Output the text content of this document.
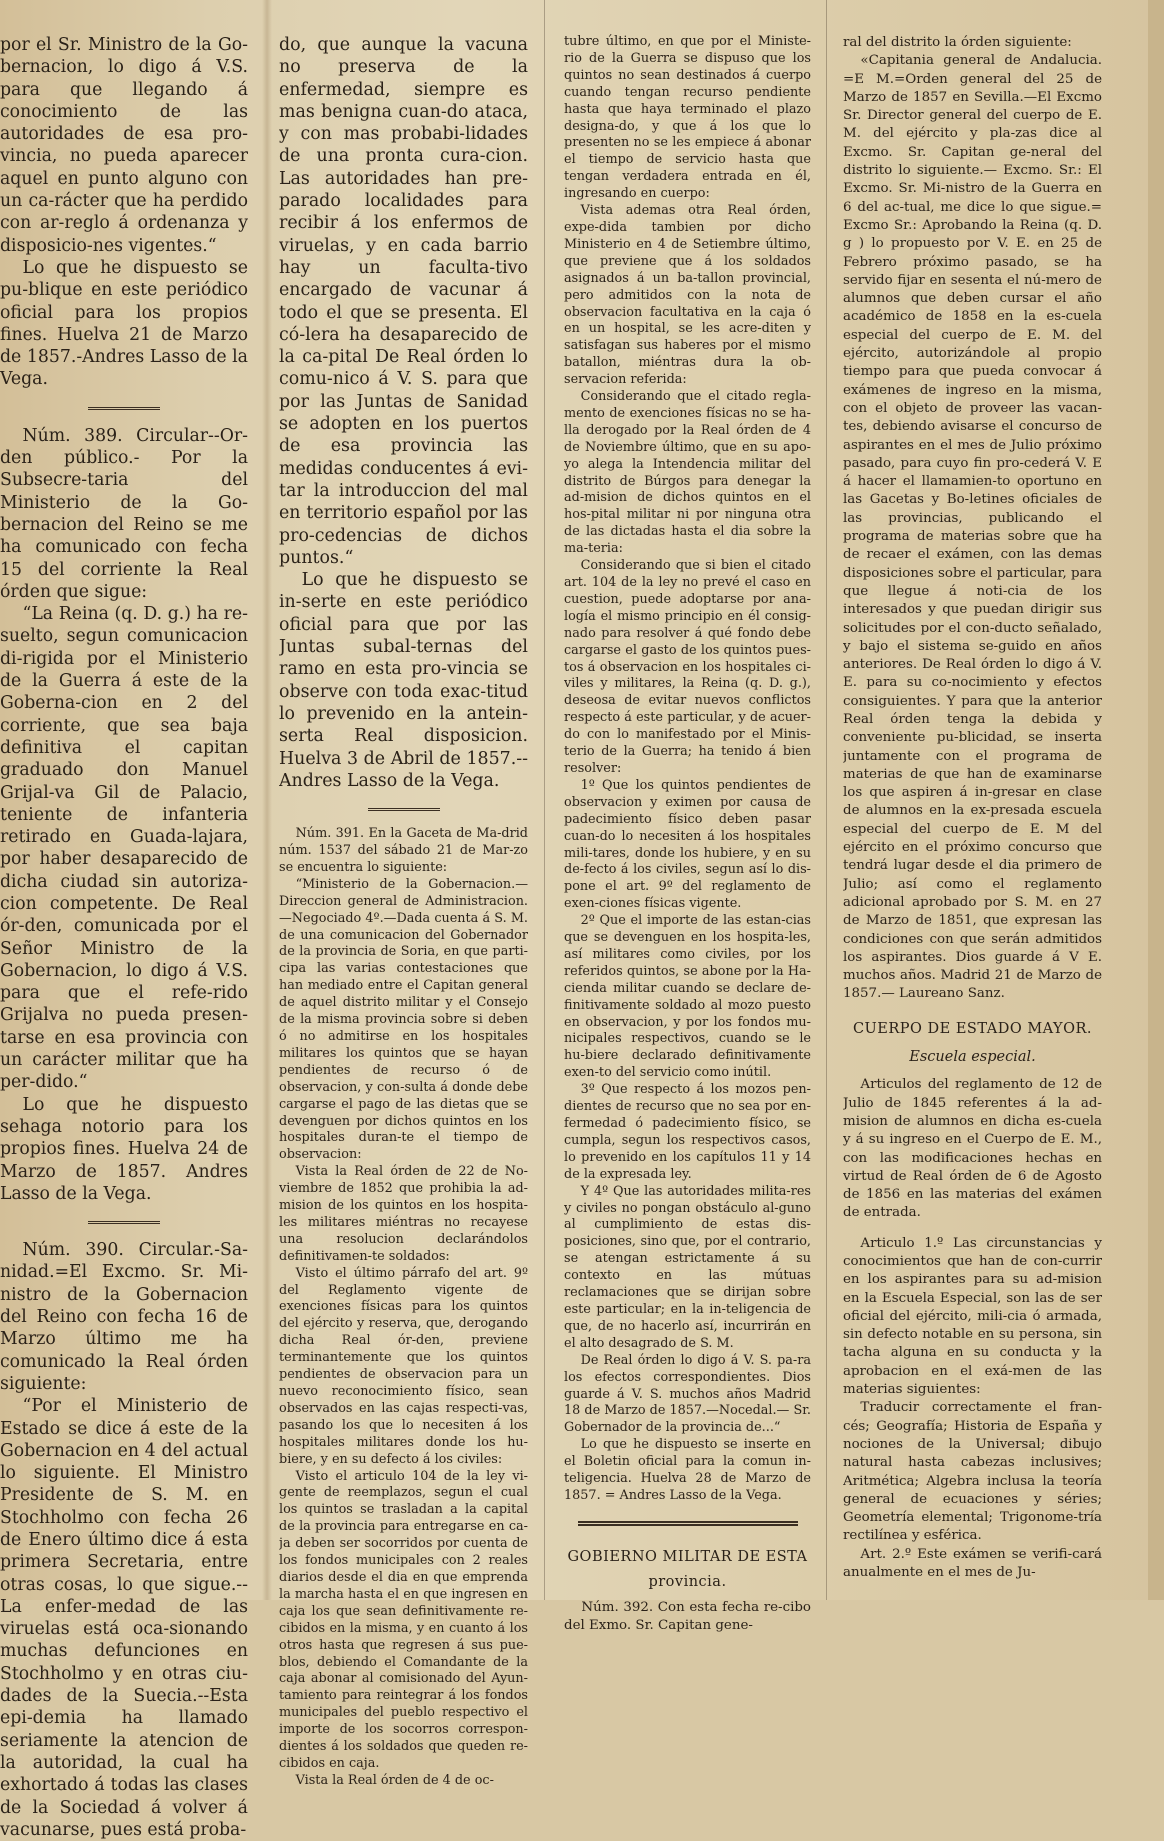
por el Sr. Ministro de la Go-bernacion, lo digo á V.S. para que llegando á conocimiento de las autoridades de esa pro-vincia, no pueda aparecer aquel en punto alguno con un ca-rácter que ha perdido con ar-reglo á ordenanza y disposicio-nes vigentes.“

Lo que he dispuesto se pu-blique en este periódico oficial para los propios fines. Huelva 21 de Marzo de 1857.-Andres Lasso de la Vega.

Núm. 389. Circular--Or-den público.- Por la Subsecre-taria del Ministerio de la Go-bernacion del Reino se me ha comunicado con fecha 15 del corriente la Real órden que sigue:

“La Reina (q. D. g.) ha re-suelto, segun comunicacion di-rigida por el Ministerio de la Guerra á este de la Goberna-cion en 2 del corriente, que sea baja definitiva el capitan graduado don Manuel Grijal-va Gil de Palacio, teniente de infanteria retirado en Guada-lajara, por haber desaparecido de dicha ciudad sin autoriza-cion competente. De Real ór-den, comunicada por el Señor Ministro de la Gobernacion, lo digo á V.S. para que el refe-rido Grijalva no pueda presen-tarse en esa provincia con un carácter militar que ha per-dido.“

Lo que he dispuesto sehaga notorio para los propios fines. Huelva 24 de Marzo de 1857. Andres Lasso de la Vega.

Núm. 390. Circular.-Sa-nidad.=El Excmo. Sr. Mi-nistro de la Gobernacion del Reino con fecha 16 de Marzo último me ha comunicado la Real órden siguiente:

“Por el Ministerio de Estado se dice á este de la Gobernacion en 4 del actual lo siguiente. El Ministro Presidente de S. M. en Stochholmo con fecha 26 de Enero último dice á esta primera Secretaria, entre otras cosas, lo que sigue.--La enfer-medad de las viruelas está oca-sionando muchas defunciones en Stochholmo y en otras ciu-dades de la Suecia.--Esta epi-demia ha llamado seriamente la atencion de la autoridad, la cual ha exhortado á todas las clases de la Sociedad á volver á vacunarse, pues está proba-

do, que aunque la vacuna no preserva de la enfermedad, siempre es mas benigna cuan-do ataca, y con mas probabi-lidades de una pronta cura-cion. Las autoridades han pre-parado localidades para recibir á los enfermos de viruelas, y en cada barrio hay un faculta-tivo encargado de vacunar á todo el que se presenta. El có-lera ha desaparecido de la ca-pital De Real órden lo comu-nico á V. S. para que por las Juntas de Sanidad se adopten en los puertos de esa provincia las medidas conducentes á evi-tar la introduccion del mal en territorio español por las pro-cedencias de dichos puntos.“

Lo que he dispuesto se in-serte en este periódico oficial para que por las Juntas subal-ternas del ramo en esta pro-vincia se observe con toda exac-titud lo prevenido en la antein-serta Real disposicion. Huelva 3 de Abril de 1857.--Andres Lasso de la Vega.

Núm. 391. En la Gaceta de Ma-drid núm. 1537 del sábado 21 de Mar-zo se encuentra lo siguiente:

“Ministerio de la Gobernacion.— Direccion general de Administracion. —Negociado 4º.—Dada cuenta á S. M. de una comunicacion del Gobernador de la provincia de Soria, en que parti-cipa las varias contestaciones que han mediado entre el Capitan general de aquel distrito militar y el Consejo de la misma provincia sobre si deben ó no admitirse en los hospitales militares los quintos que se hayan pendientes de recurso ó de observacion, y con-sulta á donde debe cargarse el pago de las dietas que se devenguen por dichos quintos en los hospitales duran-te el tiempo de observacion:

Vista la Real órden de 22 de No-viembre de 1852 que prohibia la ad-mision de los quintos en los hospita-les militares miéntras no recayese una resolucion declarándolos definitivamen-te soldados:

Visto el último párrafo del art. 9º del Reglamento vigente de exenciones físicas para los quintos del ejército y reserva, que, derogando dicha Real ór-den, previene terminantemente que los quintos pendientes de observacion para un nuevo reconocimiento físico, sean observados en las cajas respecti-vas, pasando los que lo necesiten á los hospitales militares donde los hu-biere, y en su defecto á los civiles:

Visto el articulo 104 de la ley vi-gente de reemplazos, segun el cual los quintos se trasladan a la capital de la provincia para entregarse en ca-ja deben ser socorridos por cuenta de los fondos municipales con 2 reales diarios desde el dia en que emprenda la marcha hasta el en que ingresen en caja los que sean definitivamente re-cibidos en la misma, y en cuanto á los otros hasta que regresen á sus pue-blos, debiendo el Comandante de la caja abonar al comisionado del Ayun-tamiento para reintegrar á los fondos municipales del pueblo respectivo el importe de los socorros correspon-dientes á los soldados que queden re-cibidos en caja.

Vista la Real órden de 4 de oc-

tubre último, en que por el Ministe-rio de la Guerra se dispuso que los quintos no sean destinados á cuerpo cuando tengan recurso pendiente hasta que haya terminado el plazo designa-do, y que á los que lo presenten no se les empiece á abonar el tiempo de servicio hasta que tengan verdadera entrada en él, ingresando en cuerpo:

Vista ademas otra Real órden, expe-dida tambien por dicho Ministerio en 4 de Setiembre último, que previene que á los soldados asignados á un ba-tallon provincial, pero admitidos con la nota de observacion facultativa en la caja ó en un hospital, se les acre-diten y satisfagan sus haberes por el mismo batallon, miéntras dura la ob-servacion referida:

Considerando que el citado regla-mento de exenciones físicas no se ha-lla derogado por la Real órden de 4 de Noviembre último, que en su apo-yo alega la Intendencia militar del distrito de Búrgos para denegar la ad-mision de dichos quintos en el hos-pital militar ni por ninguna otra de las dictadas hasta el dia sobre la ma-teria:

Considerando que si bien el citado art. 104 de la ley no prevé el caso en cuestion, puede adoptarse por ana-logía el mismo principio en él consig-nado para resolver á qué fondo debe cargarse el gasto de los quintos pues-tos á observacion en los hospitales ci-viles y militares, la Reina (q. D. g.), deseosa de evitar nuevos conflictos respecto á este particular, y de acuer-do con lo manifestado por el Minis-terio de la Guerra; ha tenido á bien resolver:

1º Que los quintos pendientes de observacion y eximen por causa de padecimiento físico deben pasar cuan-do lo necesiten á los hospitales mili-tares, donde los hubiere, y en su de-fecto á los civiles, segun así lo dis-pone el art. 9º del reglamento de exen-ciones físicas vigente.

2º Que el importe de las estan-cias que se devenguen en los hospita-les, así militares como civiles, por los referidos quintos, se abone por la Ha-cienda militar cuando se declare de-finitivamente soldado al mozo puesto en observacion, y por los fondos mu-nicipales respectivos, cuando se le hu-biere declarado definitivamente exen-to del servicio como inútil.

3º Que respecto á los mozos pen-dientes de recurso que no sea por en-fermedad ó padecimiento físico, se cumpla, segun los respectivos casos, lo prevenido en los capítulos 11 y 14 de la expresada ley.

Y 4º Que las autoridades milita-res y civiles no pongan obstáculo al-guno al cumplimiento de estas dis-posiciones, sino que, por el contrario, se atengan estrictamente á su contexto en las mútuas reclamaciones que se dirijan sobre este particular; en la in-teligencia de que, de no hacerlo así, incurrirán en el alto desagrado de S. M.

De Real órden lo digo á V. S. pa-ra los efectos correspondientes. Dios guarde á V. S. muchos años Madrid 18 de Marzo de 1857.—Nocedal.— Sr. Gobernador de la provincia de...“

Lo que he dispuesto se inserte en el Boletin oficial para la comun in-teligencia. Huelva 28 de Marzo de 1857. = Andres Lasso de la Vega.

GOBIERNO MILITAR DE ESTA
provincia.

Núm. 392. Con esta fecha re-cibo del Exmo. Sr. Capitan gene-

ral del distrito la órden siguiente:

«Capitania general de Andalucia. =E M.=Orden general del 25 de Marzo de 1857 en Sevilla.—El Excmo Sr. Director general del cuerpo de E. M. del ejército y pla-zas dice al Excmo. Sr. Capitan ge-neral del distrito lo siguiente.— Excmo. Sr.: El Excmo. Sr. Mi-nistro de la Guerra en 6 del ac-tual, me dice lo que sigue.= Excmo Sr.: Aprobando la Reina (q. D. g ) lo propuesto por V. E. en 25 de Febrero próximo pasado, se ha servido fijar en sesenta el nú-mero de alumnos que deben cursar el año académico de 1858 en la es-cuela especial del cuerpo de E. M. del ejército, autorizándole al propio tiempo para que pueda convocar á exámenes de ingreso en la misma, con el objeto de proveer las vacan-tes, debiendo avisarse el concurso de aspirantes en el mes de Julio próximo pasado, para cuyo fin pro-cederá V. E á hacer el llamamien-to oportuno en las Gacetas y Bo-letines oficiales de las provincias, publicando el programa de materias sobre que ha de recaer el exámen, con las demas disposiciones sobre el particular, para que llegue á noti-cia de los interesados y que puedan dirigir sus solicitudes por el con-ducto señalado, y bajo el sistema se-guido en años anteriores. De Real órden lo digo á V. E. para su co-nocimiento y efectos consiguientes. Y para que la anterior Real órden tenga la debida y conveniente pu-blicidad, se inserta juntamente con el programa de materias de que han de examinarse los que aspiren á in-gresar en clase de alumnos en la ex-presada escuela especial del cuerpo de E. M del ejército en el próximo concurso que tendrá lugar desde el dia primero de Julio; así como el reglamento adicional aprobado por S. M. en 27 de Marzo de 1851, que expresan las condiciones con que serán admitidos los aspirantes. Dios guarde á V E. muchos años. Madrid 21 de Marzo de 1857.— Laureano Sanz.

CUERPO DE ESTADO MAYOR.
Escuela especial.

Articulos del reglamento de 12 de Julio de 1845 referentes á la ad-mision de alumnos en dicha es-cuela y á su ingreso en el Cuerpo de E. M., con las modificaciones hechas en virtud de Real órden de 6 de Agosto de 1856 en las materias del exámen de entrada.

Articulo 1.º Las circunstancias y conocimientos que han de con-currir en los aspirantes para su ad-mision en la Escuela Especial, son las de ser oficial del ejército, mili-cia ó armada, sin defecto notable en su persona, sin tacha alguna en su conducta y la aprobacion en el exá-men de las materias siguientes:

Traducir correctamente el fran-cés; Geografía; Historia de España y nociones de la Universal; dibujo natural hasta cabezas inclusives; Aritmética; Algebra inclusa la teoría general de ecuaciones y séries; Geometría elemental; Trigonome-tría rectilínea y esférica.

Art. 2.º Este exámen se verifi-cará anualmente en el mes de Ju-
